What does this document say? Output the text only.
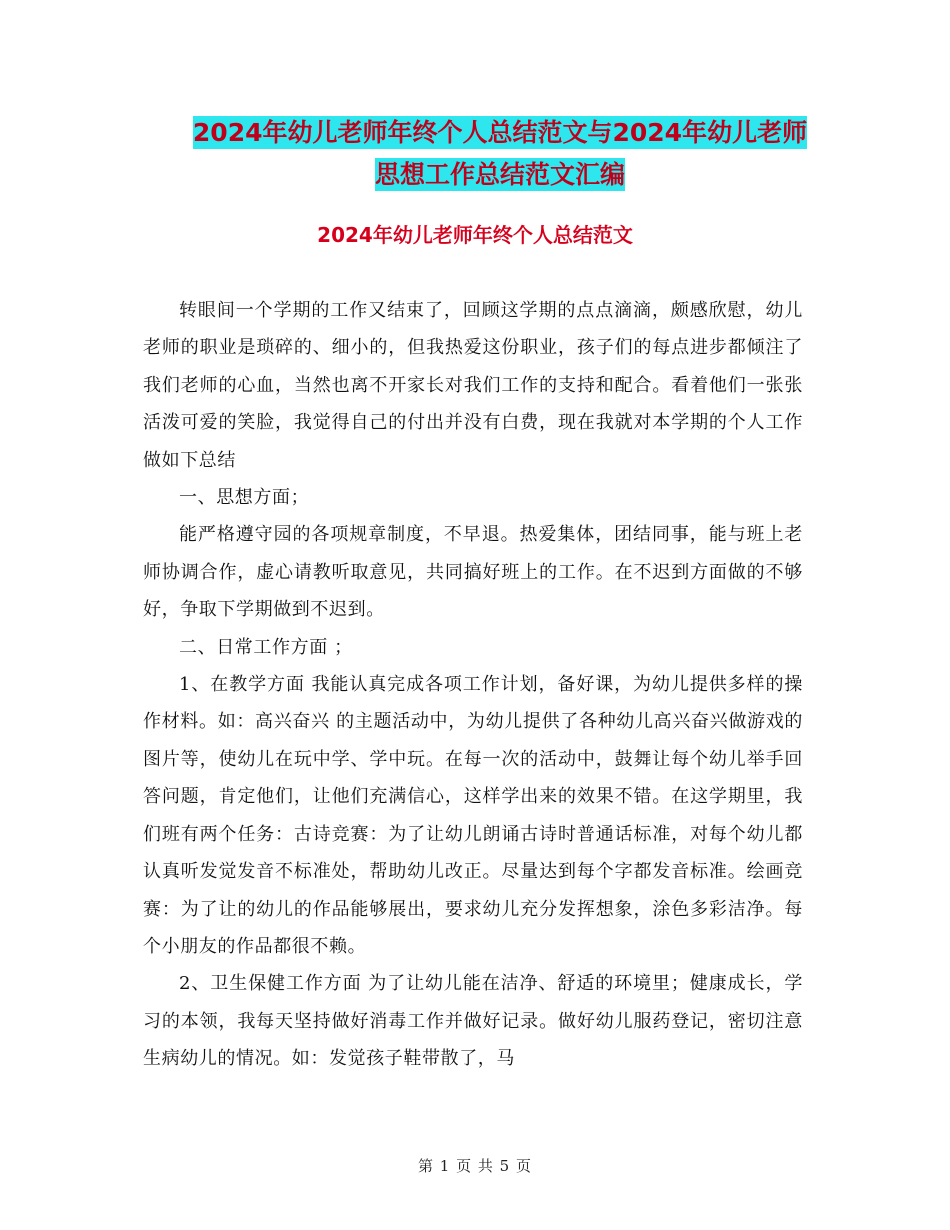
2024年幼儿老师年终个人总结范文与2024年幼儿老师
思想工作总结范文汇编
2024年幼儿老师年终个人总结范文

转眼间一个学期的工作又结束了，回顾这学期的点点滴滴，颇感欣慰，幼儿老师的职业是琐碎的、细小的，但我热爱这份职业，孩子们的每点进步都倾注了我们老师的心血，当然也离不开家长对我们工作的支持和配合。看着他们一张张活泼可爱的笑脸，我觉得自己的付出并没有白费，现在我就对本学期的个人工作做如下总结

一、思想方面；

能严格遵守园的各项规章制度，不早退。热爱集体，团结同事，能与班上老师协调合作，虚心请教听取意见，共同搞好班上的工作。在不迟到方面做的不够好，争取下学期做到不迟到。

二、日常工作方面 ；

1、在教学方面 我能认真完成各项工作计划，备好课，为幼儿提供多样的操作材料。如：高兴奋兴 的主题活动中，为幼儿提供了各种幼儿高兴奋兴做游戏的图片等，使幼儿在玩中学、学中玩。在每一次的活动中，鼓舞让每个幼儿举手回答问题，肯定他们，让他们充满信心，这样学出来的效果不错。在这学期里，我们班有两个任务：古诗竞赛：为了让幼儿朗诵古诗时普通话标准，对每个幼儿都认真听发觉发音不标准处，帮助幼儿改正。尽量达到每个字都发音标准。绘画竞赛：为了让的幼儿的作品能够展出，要求幼儿充分发挥想象，涂色多彩洁净。每个小朋友的作品都很不赖。

2、卫生保健工作方面 为了让幼儿能在洁净、舒适的环境里；健康成长，学习的本领，我每天坚持做好消毒工作并做好记录。做好幼儿服药登记，密切注意生病幼儿的情况。如：发觉孩子鞋带散了，马

第 1 页 共 5 页
